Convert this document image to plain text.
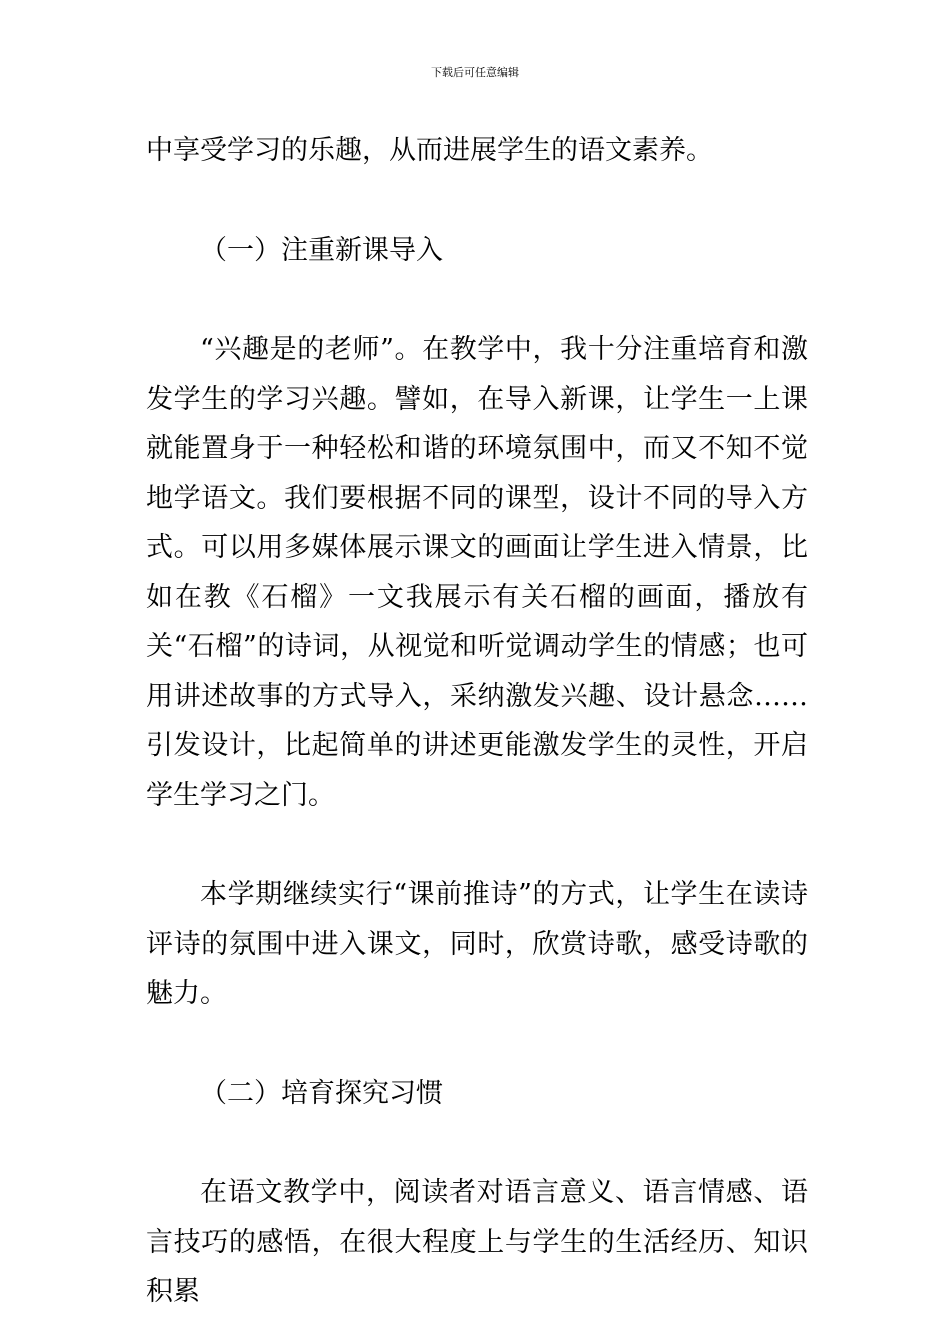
下载后可任意编辑

中享受学习的乐趣，从而进展学生的语文素养。

（一）注重新课导入

“兴趣是的老师”。在教学中，我十分注重培育和激发学生的学习兴趣。譬如，在导入新课，让学生一上课就能置身于一种轻松和谐的环境氛围中，而又不知不觉地学语文。我们要根据不同的课型，设计不同的导入方式。可以用多媒体展示课文的画面让学生进入情景，比如在教《石榴》一文我展示有关石榴的画面，播放有关“石榴”的诗词，从视觉和听觉调动学生的情感；也可用讲述故事的方式导入，采纳激发兴趣、设计悬念……引发设计，比起简单的讲述更能激发学生的灵性，开启学生学习之门。

本学期继续实行“课前推诗”的方式，让学生在读诗评诗的氛围中进入课文，同时，欣赏诗歌，感受诗歌的魅力。

（二）培育探究习惯

在语文教学中，阅读者对语言意义、语言情感、语言技巧的感悟，在很大程度上与学生的生活经历、知识积累
